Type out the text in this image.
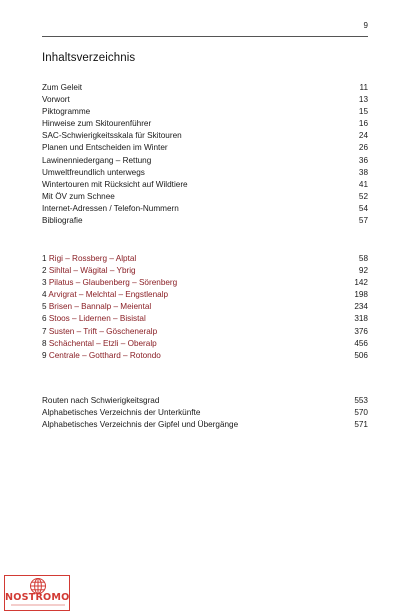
9
Inhaltsverzeichnis
Zum Geleit	11
Vorwort	13
Piktogramme	15
Hinweise zum Skitourenführer	16
SAC-Schwierigkeitsskala für Skitouren	24
Planen und Entscheiden im Winter	26
Lawinenniedergang – Rettung	36
Umweltfreundlich unterwegs	38
Wintertouren mit Rücksicht auf Wildtiere	41
Mit ÖV zum Schnee	52
Internet-Adressen / Telefon-Nummern	54
Bibliografie	57
1 Rigi – Rossberg – Alptal	58
2 Sihltal – Wägital – Ybrig	92
3 Pilatus – Glaubenberg – Sörenberg	142
4 Arvigrat – Melchtal – Engstlenalp	198
5 Brisen – Bannalp – Meiental	234
6 Stoos – Lidernen – Bisistal	318
7 Susten – Trift – Göscheneralp	376
8 Schächental – Etzli – Oberalp	456
9 Centrale – Gotthard – Rotondo	506
Routen nach Schwierigkeitsgrad	553
Alphabetisches Verzeichnis der Unterkünfte	570
Alphabetisches Verzeichnis der Gipfel und Übergänge	571
NOSTROMO
